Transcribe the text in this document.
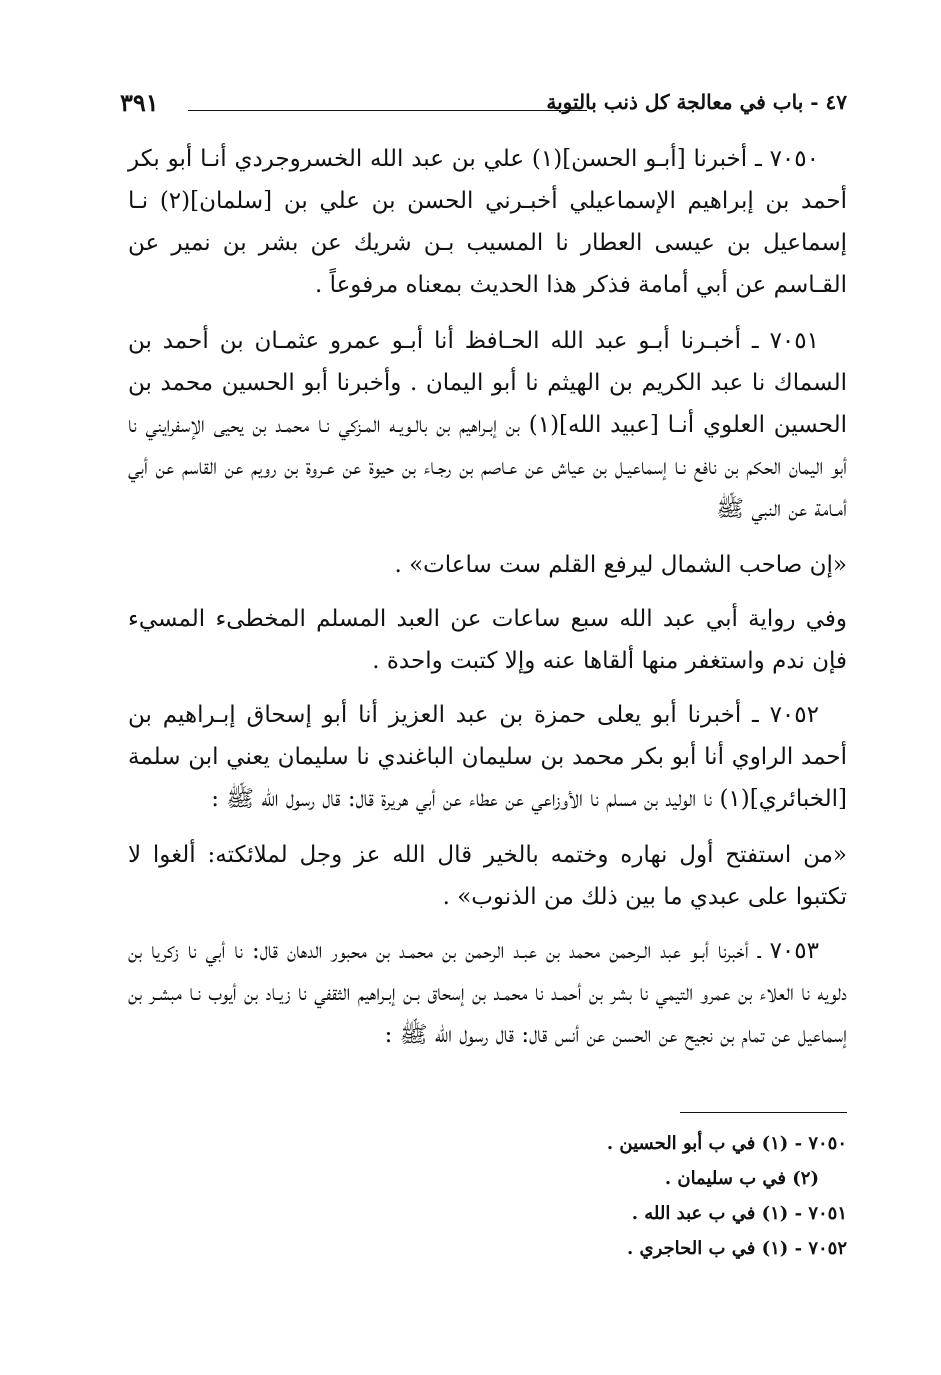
٤٧ - باب في معالجة كل ذنب بالتوبة
٣٩١

٧٠٥٠ ـ أخبرنا [أبـو الحسن](١) علي بن عبد الله الخسروجردي أنـا أبو بكر أحمد بن إبراهيم الإسماعيلي أخبـرني الحسن بن علي بن [سلمان](٢) نـا إسماعيل بن عيسى العطار نا المسيب بـن شريك عن بشر بن نمير عن القـاسم عن أبي أمامة فذكر هذا الحديث بمعناه مرفوعاً .

٧٠٥١ ـ أخبـرنا أبـو عبد الله الحـافظ أنا أبـو عمرو عثمـان بن أحمد بن السماك نا عبد الكريم بن الهيثم نا أبو اليمان . وأخبرنا أبو الحسين محمد بن الحسين العلوي أنـا [عبيد الله](١) بن إبـراهيم بن بالـويـه المـزكي نـا محمـد بن يحيى الإسفرايني نا أبو اليمان الحكم بن نافع نـا إسماعيـل بن عياش عن عـاصم بن رجـاء بن حيوة عن عـروة بن رويم عن القاسم عن أبي أمـامة عن النبي ﷺ

«إن صاحب الشمال ليرفع القلم ست ساعات» .

وفي رواية أبي عبد الله سبع ساعات عن العبد المسلم المخطىء المسيء فإن ندم واستغفر منها ألقاها عنه وإلا كتبت واحدة .

٧٠٥٢ ـ أخبرنا أبو يعلى حمزة بن عبد العزيز أنا أبو إسحاق إبـراهيم بن أحمد الراوي أنا أبو بكر محمد بن سليمان الباغندي نا سليمان يعني ابن سلمة [الخبائري](١) نا الوليد بن مسلم نا الأوزاعي عن عطاء عن أبي هريرة قال: قال رسول الله ﷺ :

«من استفتح أول نهاره وختمه بالخير قال الله عز وجل لملائكته: ألغوا لا تكتبوا على عبدي ما بين ذلك من الذنوب» .

٧٠٥٣ ـ أخبرنا أبـو عبد الـرحمن محمد بن عبـد الرحمن بن محمـد بن محبور الدهان قال: نا أبي نا زكريا بن دلويه نا العلاء بن عمرو التيمي نا بشر بن أحمـد نا محمـد بن إسحاق بـن إبـراهيم الثقفي نا زيـاد بن أيوب نـا مبشـر بن إسماعيل عن تمام بن نجيح عن الحسن عن أنس قال: قال رسول الله ﷺ :

٧٠٥٠ - (١) في ب أبو الحسين .

(٢) في ب سليمان .

٧٠٥١ - (١) في ب عبد الله .

٧٠٥٢ - (١) في ب الحاجري .
